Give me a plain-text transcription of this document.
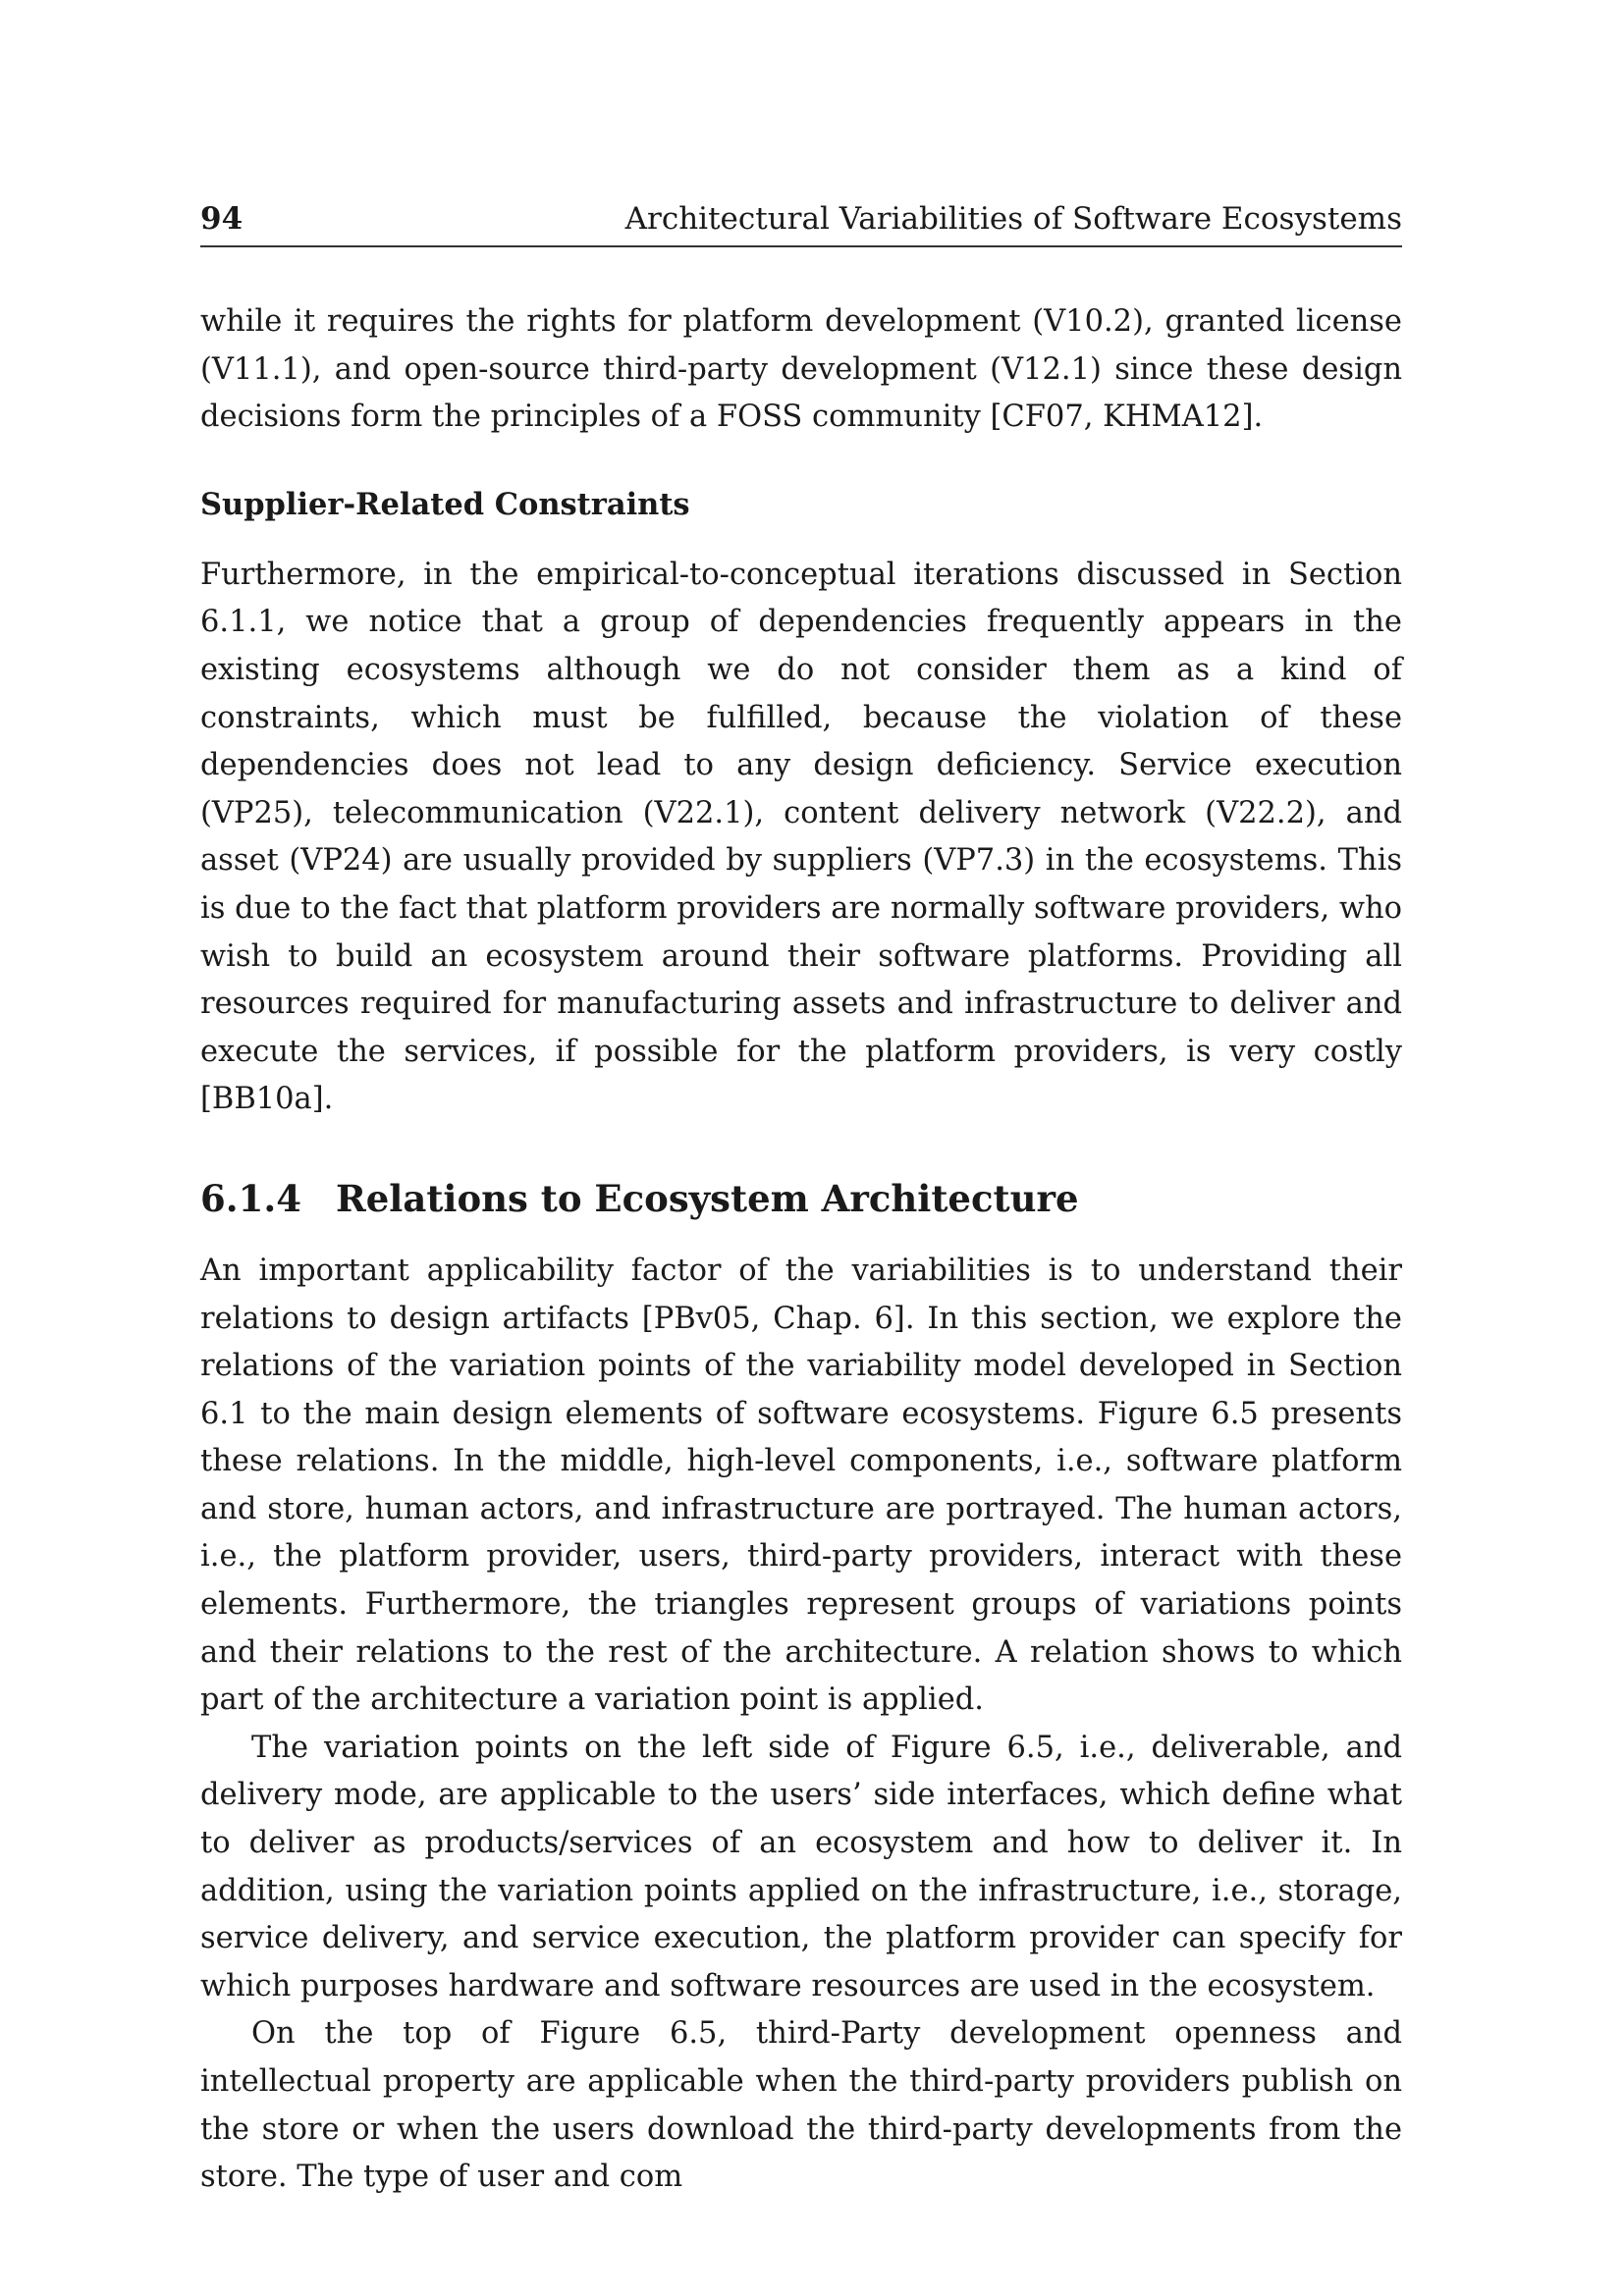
94	Architectural Variabilities of Software Ecosystems

while it requires the rights for platform development (V10.2), granted license (V11.1), and open-source third-party development (V12.1) since these design decisions form the principles of a FOSS community [CF07, KHMA12].

Supplier-Related Constraints

Furthermore, in the empirical-to-conceptual iterations discussed in Section 6.1.1, we notice that a group of dependencies frequently appears in the existing ecosystems although we do not consider them as a kind of constraints, which must be fulfilled, because the violation of these dependencies does not lead to any design deficiency. Service execution (VP25), telecommunication (V22.1), content delivery network (V22.2), and asset (VP24) are usually provided by suppliers (VP7.3) in the ecosystems. This is due to the fact that platform providers are normally software providers, who wish to build an ecosystem around their software platforms. Providing all resources required for manufacturing assets and infrastructure to deliver and execute the services, if possible for the platform providers, is very costly [BB10a].

6.1.4 Relations to Ecosystem Architecture

An important applicability factor of the variabilities is to understand their relations to design artifacts [PBv05, Chap. 6]. In this section, we explore the relations of the variation points of the variability model developed in Section 6.1 to the main design elements of software ecosystems. Figure 6.5 presents these relations. In the middle, high-level components, i.e., software platform and store, human actors, and infrastructure are portrayed. The human actors, i.e., the platform provider, users, third-party providers, interact with these elements. Furthermore, the triangles represent groups of variations points and their relations to the rest of the architecture. A relation shows to which part of the architecture a variation point is applied.

The variation points on the left side of Figure 6.5, i.e., deliverable, and delivery mode, are applicable to the users’ side interfaces, which define what to deliver as products/services of an ecosystem and how to deliver it. In addition, using the variation points applied on the infrastructure, i.e., storage, service delivery, and service execution, the platform provider can specify for which purposes hardware and software resources are used in the ecosystem.

On the top of Figure 6.5, third-Party development openness and intellectual property are applicable when the third-party providers publish on the store or when the users download the third-party developments from the store. The type of user and com
